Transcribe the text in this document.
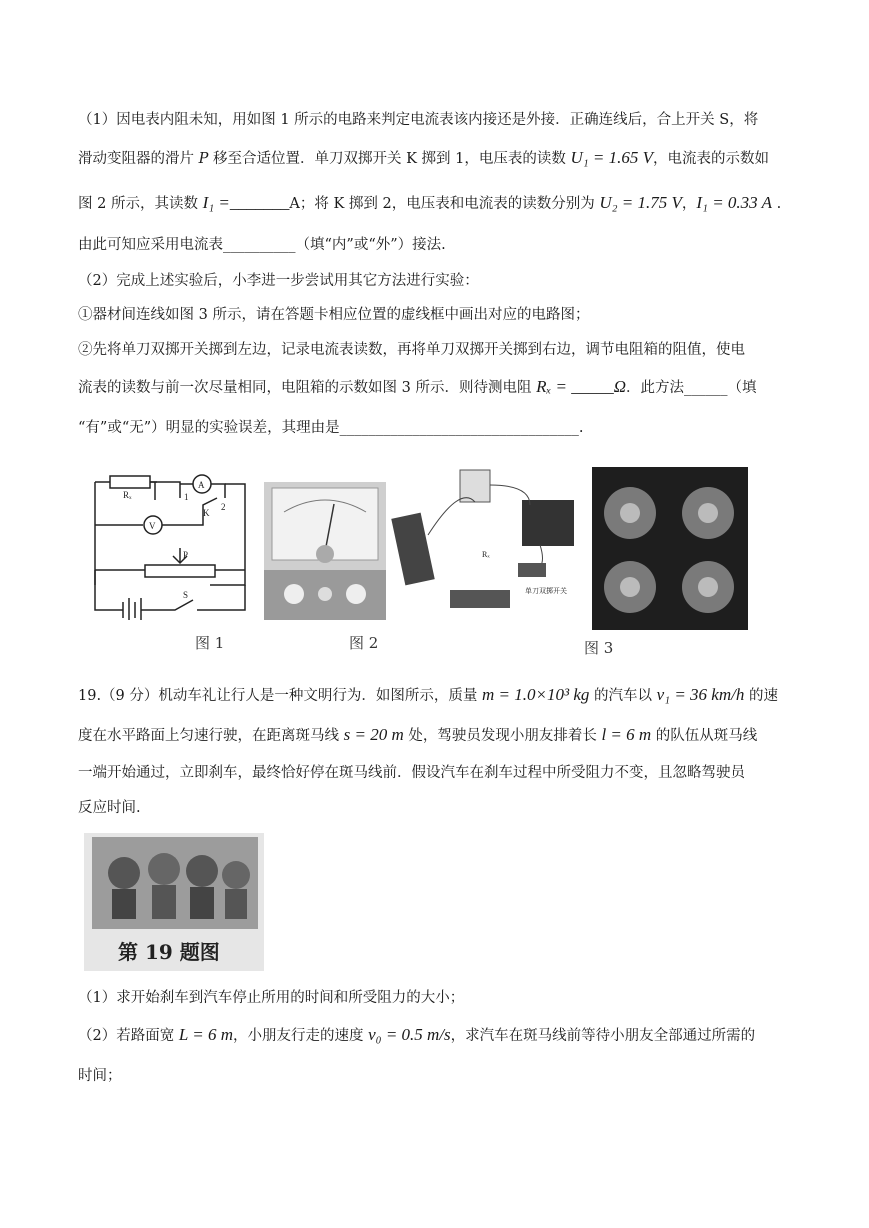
（1）因电表内阻未知，用如图 1 所示的电路来判定电流表该内接还是外接．正确连线后，合上开关 S，将
滑动变阻器的滑片 P 移至合适位置．单刀双掷开关 K 掷到 1，电压表的读数 U₁ = 1.65 V，电流表的示数如
图 2 所示，其读数 I₁ =_______A；将 K 掷到 2，电压表和电流表的读数分别为 U₂ = 1.75 V，I₁ = 0.33 A .
由此可知应采用电流表__________（填“内”或“外”）接法.
（2）完成上述实验后，小李进一步尝试用其它方法进行实验：
①器材间连线如图 3 所示，请在答题卡相应位置的虚线框中画出对应的电路图；
②先将单刀双掷开关掷到左边，记录电流表读数，再将单刀双掷开关掷到右边，调节电阻箱的阻值，使电
流表的读数与前一次尽量相同，电阻箱的示数如图 3 所示．则待测电阻 Rₓ = _____Ω．此方法______（填
“有”或“无”）明显的实验误差，其理由是_________________________________.
Rₓ
A
V
K
1
2
P
S
图 1	图 2
Rₓ
单刀双掷开关
图 3
19.（9 分）机动车礼让行人是一种文明行为．如图所示，质量 m = 1.0×10³ kg 的汽车以 v₁ = 36 km/h 的速
度在水平路面上匀速行驶，在距离斑马线 s = 20 m 处，驾驶员发现小朋友排着长 l = 6 m 的队伍从斑马线
一端开始通过，立即刹车，最终恰好停在斑马线前．假设汽车在刹车过程中所受阻力不变，且忽略驾驶员
反应时间.
第 19 题图
（1）求开始刹车到汽车停止所用的时间和所受阻力的大小；
（2）若路面宽 L = 6 m，小朋友行走的速度 v₀ = 0.5 m/s，求汽车在斑马线前等待小朋友全部通过所需的
时间；
